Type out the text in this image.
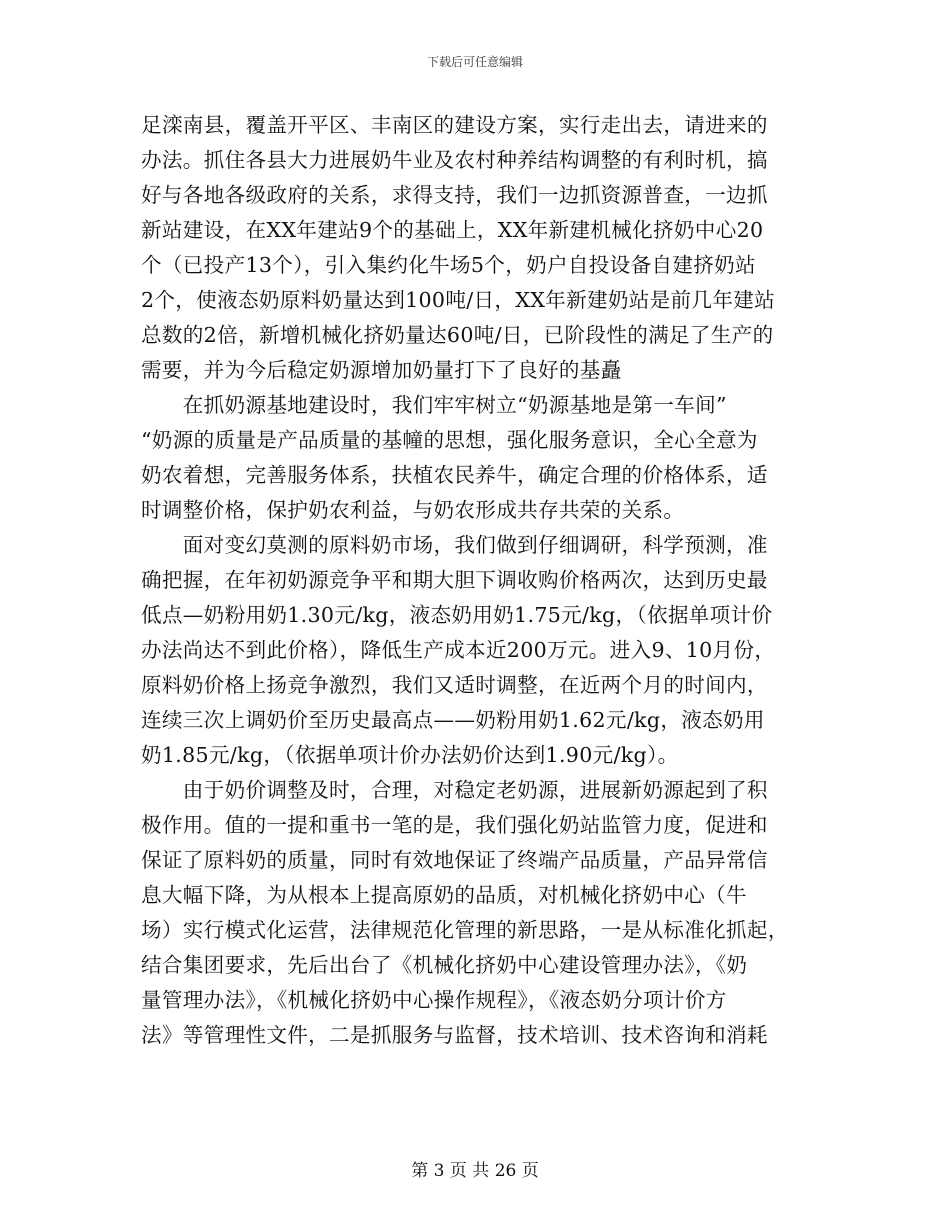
下载后可任意编辑
足滦南县，覆盖开平区、丰南区的建设方案，实行走出去，请进来的
办法。抓住各县大力进展奶牛业及农村种养结构调整的有利时机，搞
好与各地各级政府的关系，求得支持，我们一边抓资源普查，一边抓
新站建设，在XX年建站9个的基础上，XX年新建机械化挤奶中心20
个（已投产13个），引入集约化牛场5个，奶户自投设备自建挤奶站
2个，使液态奶原料奶量达到100吨/日，XX年新建奶站是前几年建站
总数的2倍，新增机械化挤奶量达60吨/日，已阶段性的满足了生产的
需要，并为今后稳定奶源增加奶量打下了良好的基矗
　　在抓奶源基地建设时，我们牢牢树立“奶源基地是第一车间”
“奶源的质量是产品质量的基幢的思想，强化服务意识，全心全意为
奶农着想，完善服务体系，扶植农民养牛，确定合理的价格体系，适
时调整价格，保护奶农利益，与奶农形成共存共荣的关系。
　　面对变幻莫测的原料奶市场，我们做到仔细调研，科学预测，准
确把握，在年初奶源竞争平和期大胆下调收购价格两次，达到历史最
低点—奶粉用奶1.30元/kg，液态奶用奶1.75元/kg，（依据单项计价
办法尚达不到此价格），降低生产成本近200万元。进入9、10月份，
原料奶价格上扬竞争激烈，我们又适时调整，在近两个月的时间内，
连续三次上调奶价至历史最高点——奶粉用奶1.62元/kg，液态奶用
奶1.85元/kg，（依据单项计价办法奶价达到1.90元/kg）。
　　由于奶价调整及时，合理，对稳定老奶源，进展新奶源起到了积
极作用。值的一提和重书一笔的是，我们强化奶站监管力度，促进和
保证了原料奶的质量，同时有效地保证了终端产品质量，产品异常信
息大幅下降，为从根本上提高原奶的品质，对机械化挤奶中心（牛
场）实行模式化运营，法律规范化管理的新思路，一是从标准化抓起，
结合集团要求，先后出台了《机械化挤奶中心建设管理办法》，《奶
量管理办法》，《机械化挤奶中心操作规程》，《液态奶分项计价方
法》等管理性文件，二是抓服务与监督，技术培训、技术咨询和消耗
第 3 页 共 26 页
